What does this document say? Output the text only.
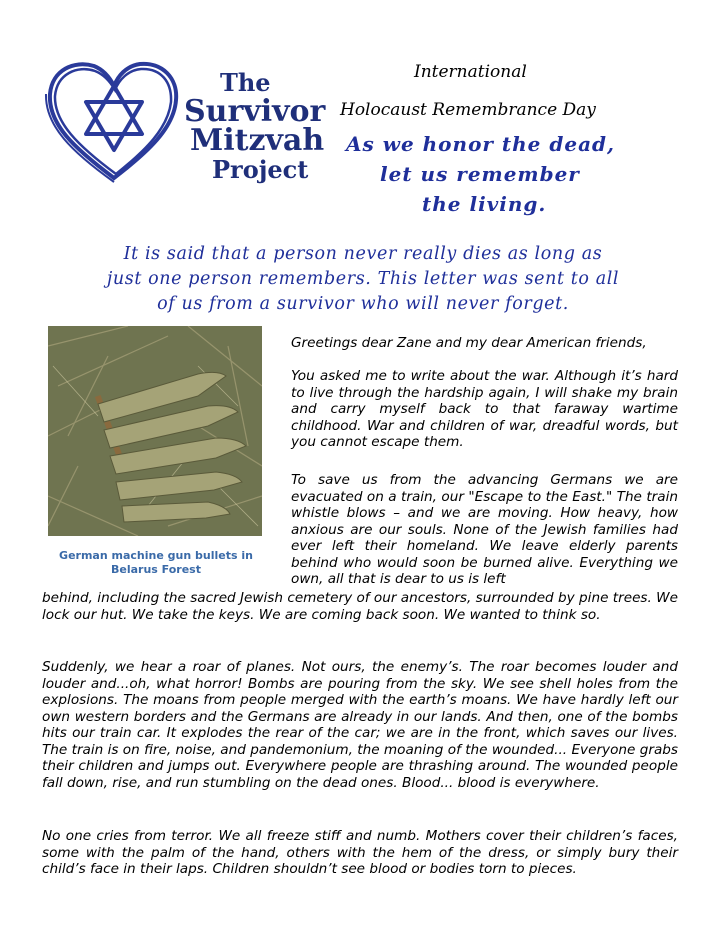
The
Survivor
Mitzvah
Project
International
Holocaust Remembrance Day
As we honor the dead,
let us remember
the living.
It is said that a person never really dies as long as
just one person remembers. This letter was sent to all
of us from a survivor who will never forget.
German machine gun bullets in
Belarus Forest
Greetings dear Zane and my dear American friends,
You asked me to write about the war. Although it’s hard to live through the hardship again, I will shake my brain and carry myself back to that faraway wartime childhood. War and children of war, dreadful words, but you cannot escape them.
To save us from the advancing Germans we are evacuated on a train, our "Escape to the East." The train whistle blows – and we are moving. How heavy, how anxious are our souls. None of the Jewish families had ever left their homeland. We leave elderly parents behind who would soon be burned alive. Everything we own, all that is dear to us is left
behind, including the sacred Jewish cemetery of our ancestors, surrounded by pine trees. We lock our hut. We take the keys. We are coming back soon. We wanted to think so.
Suddenly, we hear a roar of planes. Not ours, the enemy’s. The roar becomes louder and louder and...oh, what horror! Bombs are pouring from the sky. We see shell holes from the explosions. The moans from people merged with the earth’s moans. We have hardly left our own western borders and the Germans are already in our lands. And then, one of the bombs hits our train car. It explodes the rear of the car; we are in the front, which saves our lives. The train is on fire, noise, and pandemonium, the moaning of the wounded... Everyone grabs their children and jumps out. Everywhere people are thrashing around. The wounded people fall down, rise, and run stumbling on the dead ones. Blood... blood is everywhere.
No one cries from terror. We all freeze stiff and numb. Mothers cover their children’s faces, some with the palm of the hand, others with the hem of the dress, or simply bury their child’s face in their laps. Children shouldn’t see blood or bodies torn to pieces.
